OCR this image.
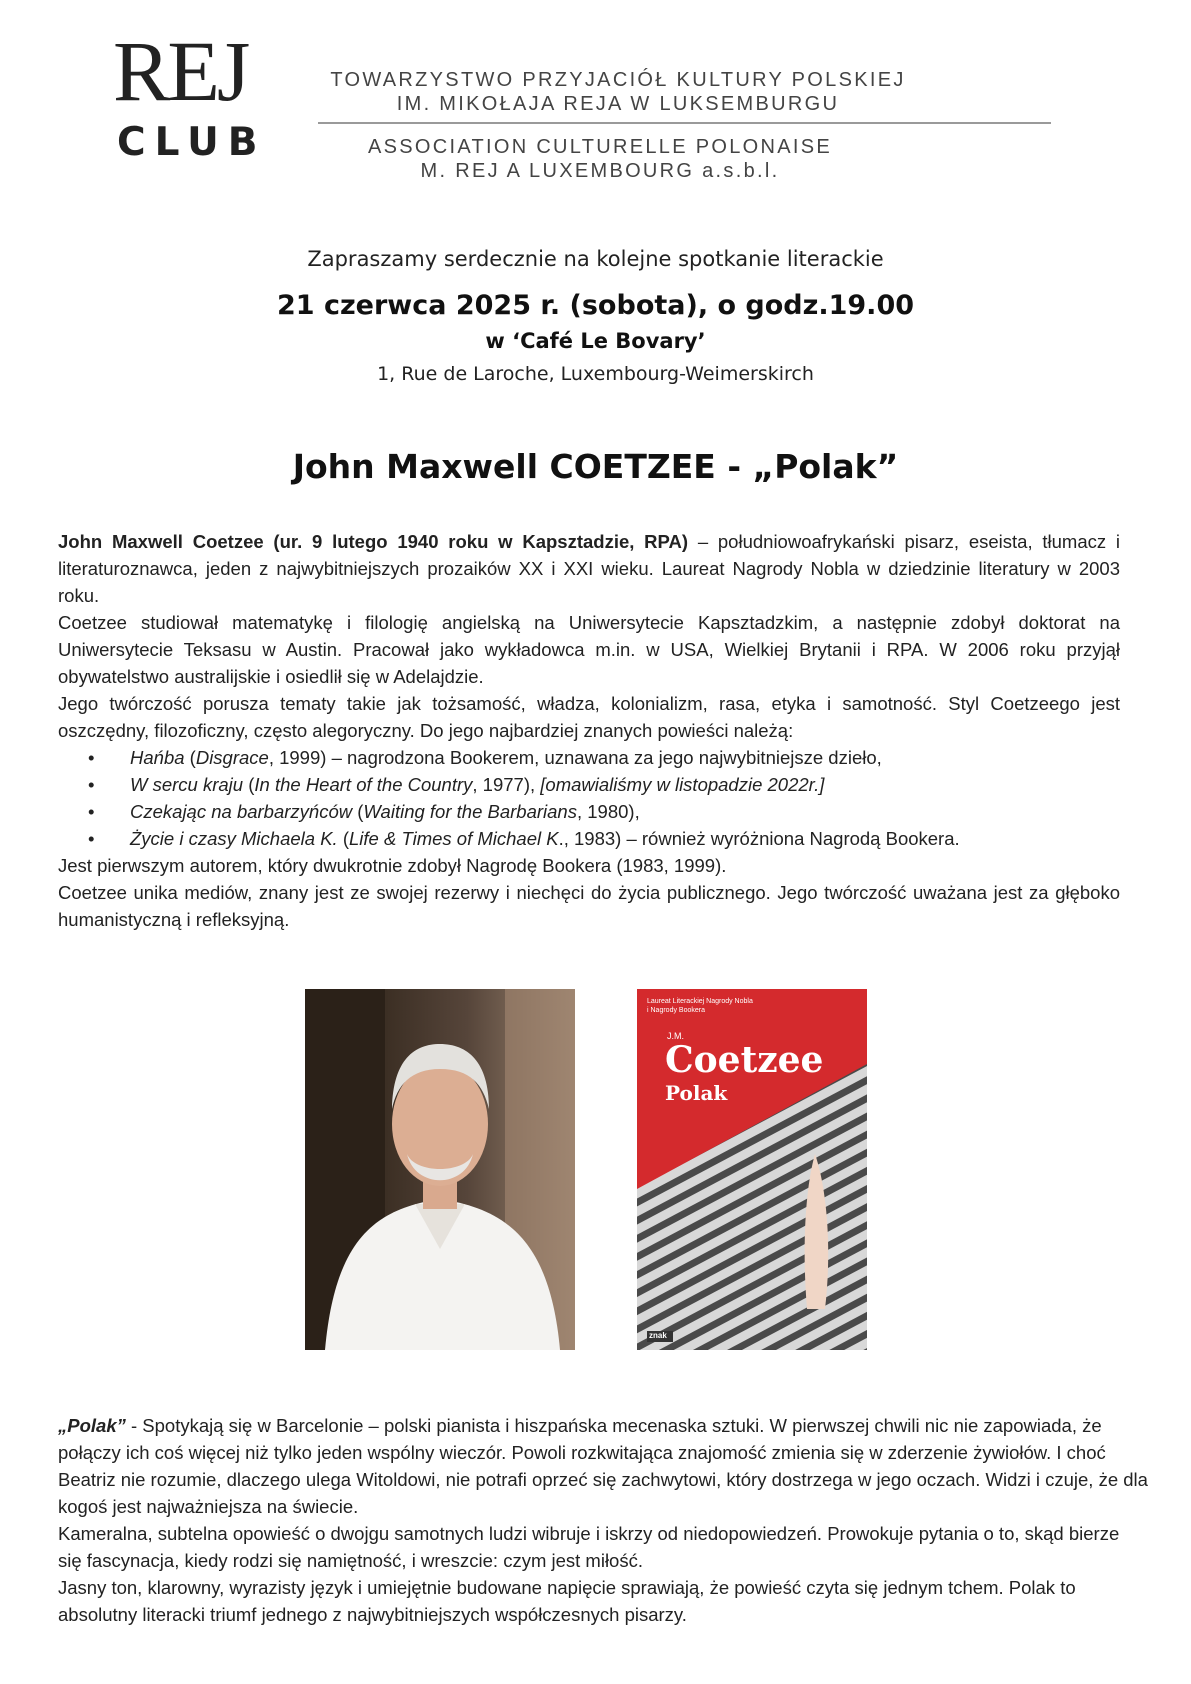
REJ
CLUB
TOWARZYSTWO PRZYJACIÓŁ KULTURY POLSKIEJ
IM. MIKOŁAJA REJA W LUKSEMBURGU
ASSOCIATION CULTURELLE POLONAISE
M. REJ A LUXEMBOURG a.s.b.l.
Zapraszamy serdecznie na kolejne spotkanie literackie
21 czerwca 2025 r. (sobota), o godz.19.00
w ‘Café Le Bovary’
1, Rue de Laroche, Luxembourg-Weimerskirch
John Maxwell COETZEE - „Polak”

John Maxwell Coetzee (ur. 9 lutego 1940 roku w Kapsztadzie, RPA) – południowoafrykański pisarz, eseista, tłumacz i literaturoznawca, jeden z najwybitniejszych prozaików XX i XXI wieku. Laureat Nagrody Nobla w dziedzinie literatury w 2003 roku.

Coetzee studiował matematykę i filologię angielską na Uniwersytecie Kapsztadzkim, a następnie zdobył doktorat na Uniwersytecie Teksasu w Austin. Pracował jako wykładowca m.in. w USA, Wielkiej Brytanii i RPA. W 2006 roku przyjął obywatelstwo australijskie i osiedlił się w Adelajdzie.

Jego twórczość porusza tematy takie jak tożsamość, władza, kolonializm, rasa, etyka i samotność. Styl Coetzeego jest oszczędny, filozoficzny, często alegoryczny. Do jego najbardziej znanych powieści należą:

• Hańba (Disgrace, 1999) – nagrodzona Bookerem, uznawana za jego najwybitniejsze dzieło,
• W sercu kraju (In the Heart of the Country, 1977), [omawialiśmy w listopadzie 2022r.]
• Czekając na barbarzyńców (Waiting for the Barbarians, 1980),
• Życie i czasy Michaela K. (Life & Times of Michael K., 1983) – również wyróżniona Nagrodą Bookera.

Jest pierwszym autorem, który dwukrotnie zdobył Nagrodę Bookera (1983, 1999).

Coetzee unika mediów, znany jest ze swojej rezerwy i niechęci do życia publicznego. Jego twórczość uważana jest za głęboko humanistyczną i refleksyjną.

Laureat Literackiej Nagrody Nobla
i Nagrody Bookera
J.M.
Coetzee
Polak
znak

„Polak” - Spotykają się w Barcelonie – polski pianista i hiszpańska mecenaska sztuki. W pierwszej chwili nic nie zapowiada, że połączy ich coś więcej niż tylko jeden wspólny wieczór. Powoli rozkwitająca znajomość zmienia się w zderzenie żywiołów. I choć Beatriz nie rozumie, dlaczego ulega Witoldowi, nie potrafi oprzeć się zachwytowi, który dostrzega w jego oczach. Widzi i czuje, że dla kogoś jest najważniejsza na świecie.

Kameralna, subtelna opowieść o dwojgu samotnych ludzi wibruje i iskrzy od niedopowiedzeń. Prowokuje pytania o to, skąd bierze się fascynacja, kiedy rodzi się namiętność, i wreszcie: czym jest miłość.

Jasny ton, klarowny, wyrazisty język i umiejętnie budowane napięcie sprawiają, że powieść czyta się jednym tchem. Polak to absolutny literacki triumf jednego z najwybitniejszych współczesnych pisarzy.
